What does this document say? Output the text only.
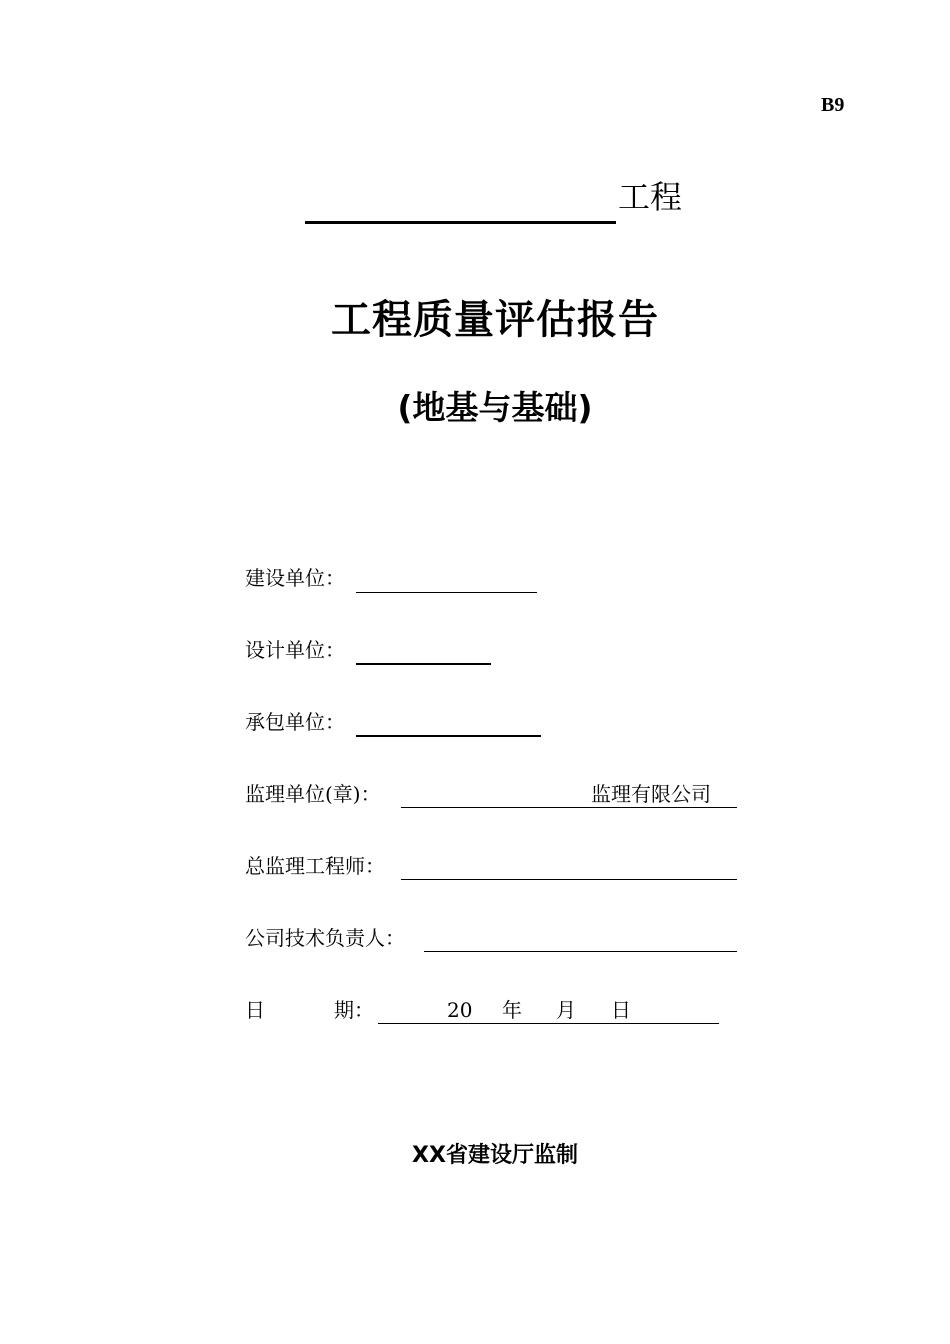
B9
工程
工程质量评估报告
(地基与基础)
建设单位：
设计单位：
承包单位：
监理单位(章)：	监理有限公司
总监理工程师：
公司技术负责人：
日	期：	20 年 月 日
XX省建设厅监制
